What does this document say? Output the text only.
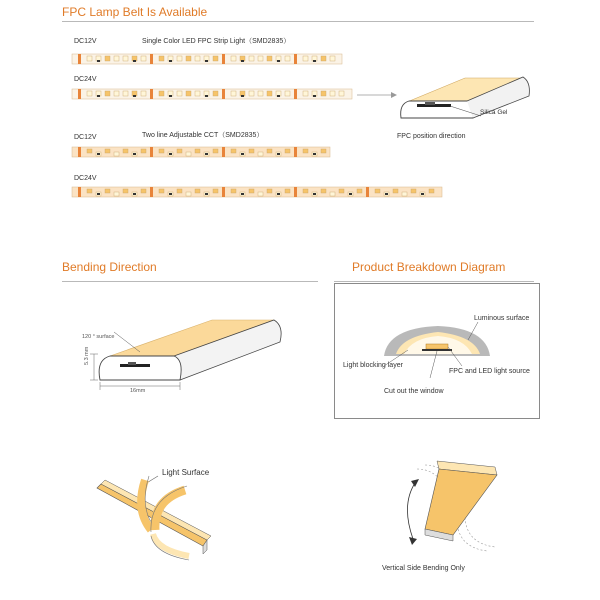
FPC Lamp Belt Is Available
DC12V	Single Color LED FPC Strip Light（SMD2835）
DC24V
Silica Gel
FPC position direction
DC12V	Two line Adjustable CCT（SMD2835）
DC24V
Bending Direction
120 ° surface
5.3 mm
16mm
Light Surface
Product Breakdown Diagram
Luminous surface
Light blocking layer
FPC and LED light source
Cut out the window
Vertical Side Bending Only
